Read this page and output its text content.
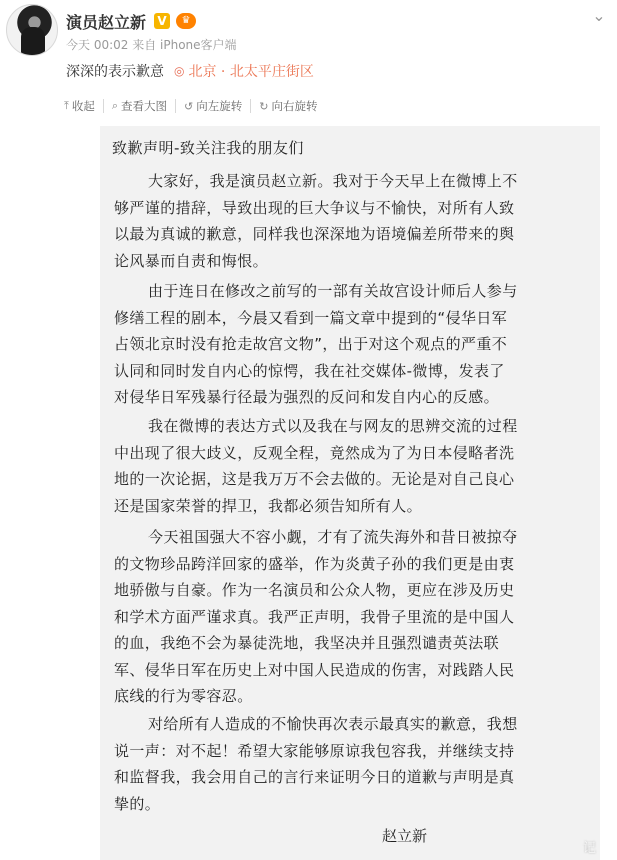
演员赵立新 V	♛	⌄
今天 00:02 来自 iPhone客户端
深深的表示歉意 ◎ 北京 · 北太平庄街区
⤒ 收起 ⌕ 查看大图 ↺ 向左旋转 ↻ 向右旋转
致歉声明-致关注我的朋友们

大家好，我是演员赵立新。我对于今天早上在微博上不
够严谨的措辞，导致出现的巨大争议与不愉快，对所有人致
以最为真诚的歉意，同样我也深深地为语境偏差所带来的舆
论风暴而自责和悔恨。

由于连日在修改之前写的一部有关故宫设计师后人参与
修缮工程的剧本，今晨又看到一篇文章中提到的“侵华日军
占领北京时没有抢走故宫文物”，出于对这个观点的严重不
认同和同时发自内心的惊愕，我在社交媒体-微博，发表了
对侵华日军残暴行径最为强烈的反问和发自内心的反感。

我在微博的表达方式以及我在与网友的思辨交流的过程
中出现了很大歧义，反观全程，竟然成为了为日本侵略者洗
地的一次论据，这是我万万不会去做的。无论是对自己良心
还是国家荣誉的捍卫，我都必须告知所有人。

今天祖国强大不容小觑，才有了流失海外和昔日被掠夺
的文物珍品跨洋回家的盛举，作为炎黄子孙的我们更是由衷
地骄傲与自豪。作为一名演员和公众人物，更应在涉及历史
和学术方面严谨求真。我严正声明，我骨子里流的是中国人
的血，我绝不会为暴徒洗地，我坚决并且强烈谴责英法联
军、侵华日军在历史上对中国人民造成的伤害，对践踏人民
底线的行为零容忍。

对给所有人造成的不愉快再次表示最真实的歉意，我想
说一声：对不起！希望大家能够原谅我包容我，并继续支持
和监督我，我会用自己的言行来证明今日的道歉与声明是真
挚的。

赵立新
记
